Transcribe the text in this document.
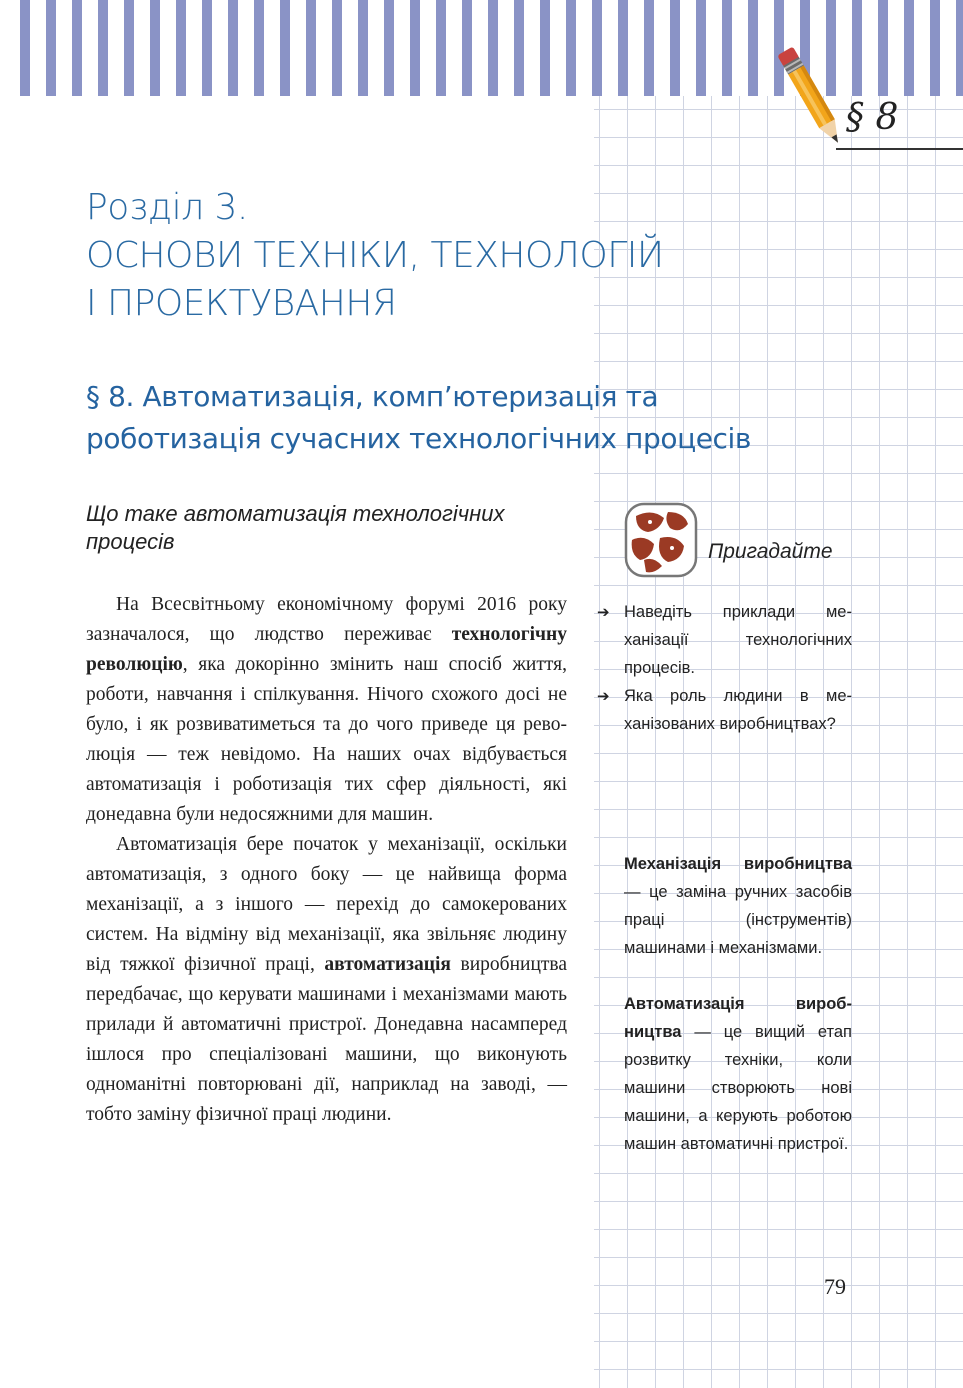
§ 8
Розділ 3.
ОСНОВИ ТЕХНІКИ, ТЕХНОЛОГІЙ
І ПРОЕКТУВАННЯ
§ 8. Автоматизація, комп’ютеризація та
роботизація сучасних технологічних процесів
Що таке автоматизація технологічних процесів

На Всесвітньому економічному форумі 2016 року зазначалося, що людство переживає технологічну революцію, яка докорінно змінить наш спосіб життя, роботи, навчання і спілкування. Нічого схожого досі не було, і як розвиватиметься та до чого приведе ця революція — теж невідомо. На наших очах відбувається автоматизація і роботизація тих сфер діяльності, які донедавна були недосяжними для машин.

Автоматизація бере початок у механізації, оскільки автоматизація, з одного боку — це найвища форма механізації, а з іншого — перехід до самокерованих систем. На відміну від механізації, яка звільняє людину від тяжкої фізичної праці, автоматизація виробництва передбачає, що керувати машинами і механізмами мають прилади й автоматичні пристрої. Донедавна насамперед ішлося про спеціалізовані машини, що виконують одноманітні повторювані дії, наприклад на заводі, — тобто заміну фізичної праці людини.

Пригадайте
➔ Наведіть приклади механізації технологічних процесів.
➔ Яка роль людини в механізованих виробництвах?
Механізація виробництва — це заміна ручних засобів праці (інструментів) машинами і механізмами.
Автоматизація виробництва — це вищий етап розвитку техніки, коли машини створюють нові машини, а керують роботою машин автоматичні пристрої.
79
